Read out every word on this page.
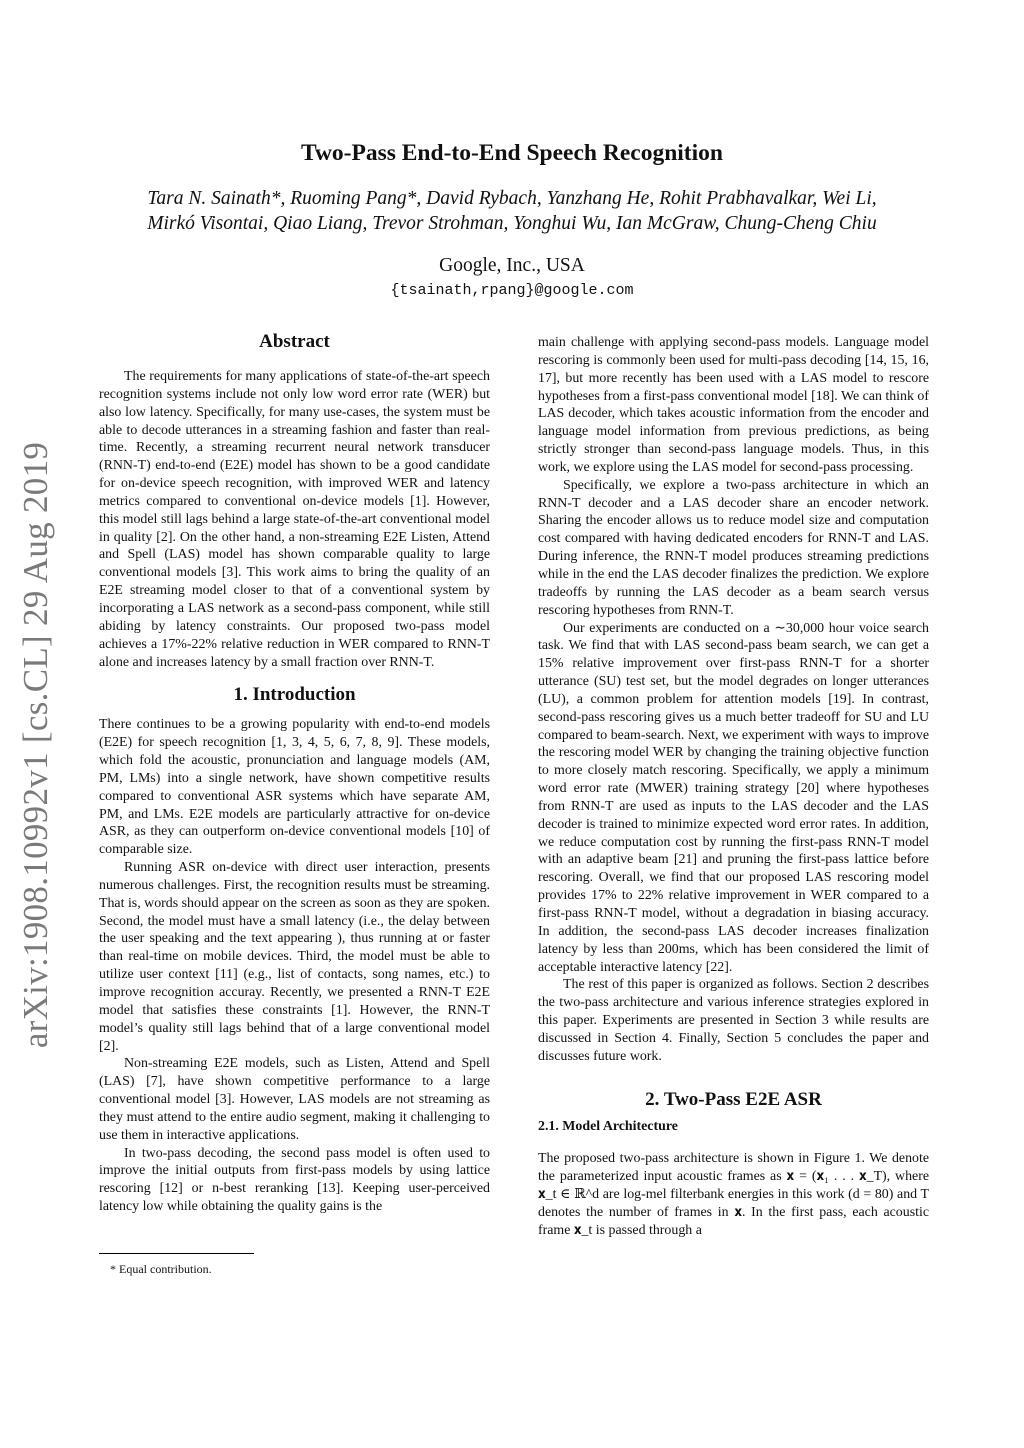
arXiv:1908.10992v1 [cs.CL] 29 Aug 2019
Two-Pass End-to-End Speech Recognition
Tara N. Sainath*, Ruoming Pang*, David Rybach, Yanzhang He, Rohit Prabhavalkar, Wei Li,
Mirkó Visontai, Qiao Liang, Trevor Strohman, Yonghui Wu, Ian McGraw, Chung-Cheng Chiu
Google, Inc., USA
{tsainath,rpang}@google.com
Abstract

The requirements for many applications of state-of-the-art speech recognition systems include not only low word error rate (WER) but also low latency. Specifically, for many use-cases, the system must be able to decode utterances in a streaming fashion and faster than real-time. Recently, a streaming recurrent neural network transducer (RNN-T) end-to-end (E2E) model has shown to be a good candidate for on-device speech recognition, with improved WER and latency metrics compared to conventional on-device models [1]. However, this model still lags behind a large state-of-the-art conventional model in quality [2]. On the other hand, a non-streaming E2E Listen, Attend and Spell (LAS) model has shown comparable quality to large conventional models [3]. This work aims to bring the quality of an E2E streaming model closer to that of a conventional system by incorporating a LAS network as a second-pass component, while still abiding by latency constraints. Our proposed two-pass model achieves a 17%-22% relative reduction in WER compared to RNN-T alone and increases latency by a small fraction over RNN-T.

1. Introduction

There continues to be a growing popularity with end-to-end models (E2E) for speech recognition [1, 3, 4, 5, 6, 7, 8, 9]. These models, which fold the acoustic, pronunciation and language models (AM, PM, LMs) into a single network, have shown competitive results compared to conventional ASR systems which have separate AM, PM, and LMs. E2E models are particularly attractive for on-device ASR, as they can outperform on-device conventional models [10] of comparable size.

Running ASR on-device with direct user interaction, presents numerous challenges. First, the recognition results must be streaming. That is, words should appear on the screen as soon as they are spoken. Second, the model must have a small latency (i.e., the delay between the user speaking and the text appearing ), thus running at or faster than real-time on mobile devices. Third, the model must be able to utilize user context [11] (e.g., list of contacts, song names, etc.) to improve recognition accuray. Recently, we presented a RNN-T E2E model that satisfies these constraints [1]. However, the RNN-T model’s quality still lags behind that of a large conventional model [2].

Non-streaming E2E models, such as Listen, Attend and Spell (LAS) [7], have shown competitive performance to a large conventional model [3]. However, LAS models are not streaming as they must attend to the entire audio segment, making it challenging to use them in interactive applications.

In two-pass decoding, the second pass model is often used to improve the initial outputs from first-pass models by using lattice rescoring [12] or n-best reranking [13]. Keeping user-perceived latency low while obtaining the quality gains is the

main challenge with applying second-pass models. Language model rescoring is commonly been used for multi-pass decoding [14, 15, 16, 17], but more recently has been used with a LAS model to rescore hypotheses from a first-pass conventional model [18]. We can think of LAS decoder, which takes acoustic information from the encoder and language model information from previous predictions, as being strictly stronger than second-pass language models. Thus, in this work, we explore using the LAS model for second-pass processing.

Specifically, we explore a two-pass architecture in which an RNN-T decoder and a LAS decoder share an encoder network. Sharing the encoder allows us to reduce model size and computation cost compared with having dedicated encoders for RNN-T and LAS. During inference, the RNN-T model produces streaming predictions while in the end the LAS decoder finalizes the prediction. We explore tradeoffs by running the LAS decoder as a beam search versus rescoring hypotheses from RNN-T.

Our experiments are conducted on a ∼30,000 hour voice search task. We find that with LAS second-pass beam search, we can get a 15% relative improvement over first-pass RNN-T for a shorter utterance (SU) test set, but the model degrades on longer utterances (LU), a common problem for attention models [19]. In contrast, second-pass rescoring gives us a much better tradeoff for SU and LU compared to beam-search. Next, we experiment with ways to improve the rescoring model WER by changing the training objective function to more closely match rescoring. Specifically, we apply a minimum word error rate (MWER) training strategy [20] where hypotheses from RNN-T are used as inputs to the LAS decoder and the LAS decoder is trained to minimize expected word error rates. In addition, we reduce computation cost by running the first-pass RNN-T model with an adaptive beam [21] and pruning the first-pass lattice before rescoring. Overall, we find that our proposed LAS rescoring model provides 17% to 22% relative improvement in WER compared to a first-pass RNN-T model, without a degradation in biasing accuracy. In addition, the second-pass LAS decoder increases finalization latency by less than 200ms, which has been considered the limit of acceptable interactive latency [22].

The rest of this paper is organized as follows. Section 2 describes the two-pass architecture and various inference strategies explored in this paper. Experiments are presented in Section 3 while results are discussed in Section 4. Finally, Section 5 concludes the paper and discusses future work.

2. Two-Pass E2E ASR
2.1. Model Architecture

The proposed two-pass architecture is shown in Figure 1. We denote the parameterized input acoustic frames as 𝐱 = (𝐱₁ . . . 𝐱_T), where 𝐱_t ∈ ℝ^d are log-mel filterbank energies in this work (d = 80) and T denotes the number of frames in 𝐱. In the first pass, each acoustic frame 𝐱_t is passed through a

* Equal contribution.
